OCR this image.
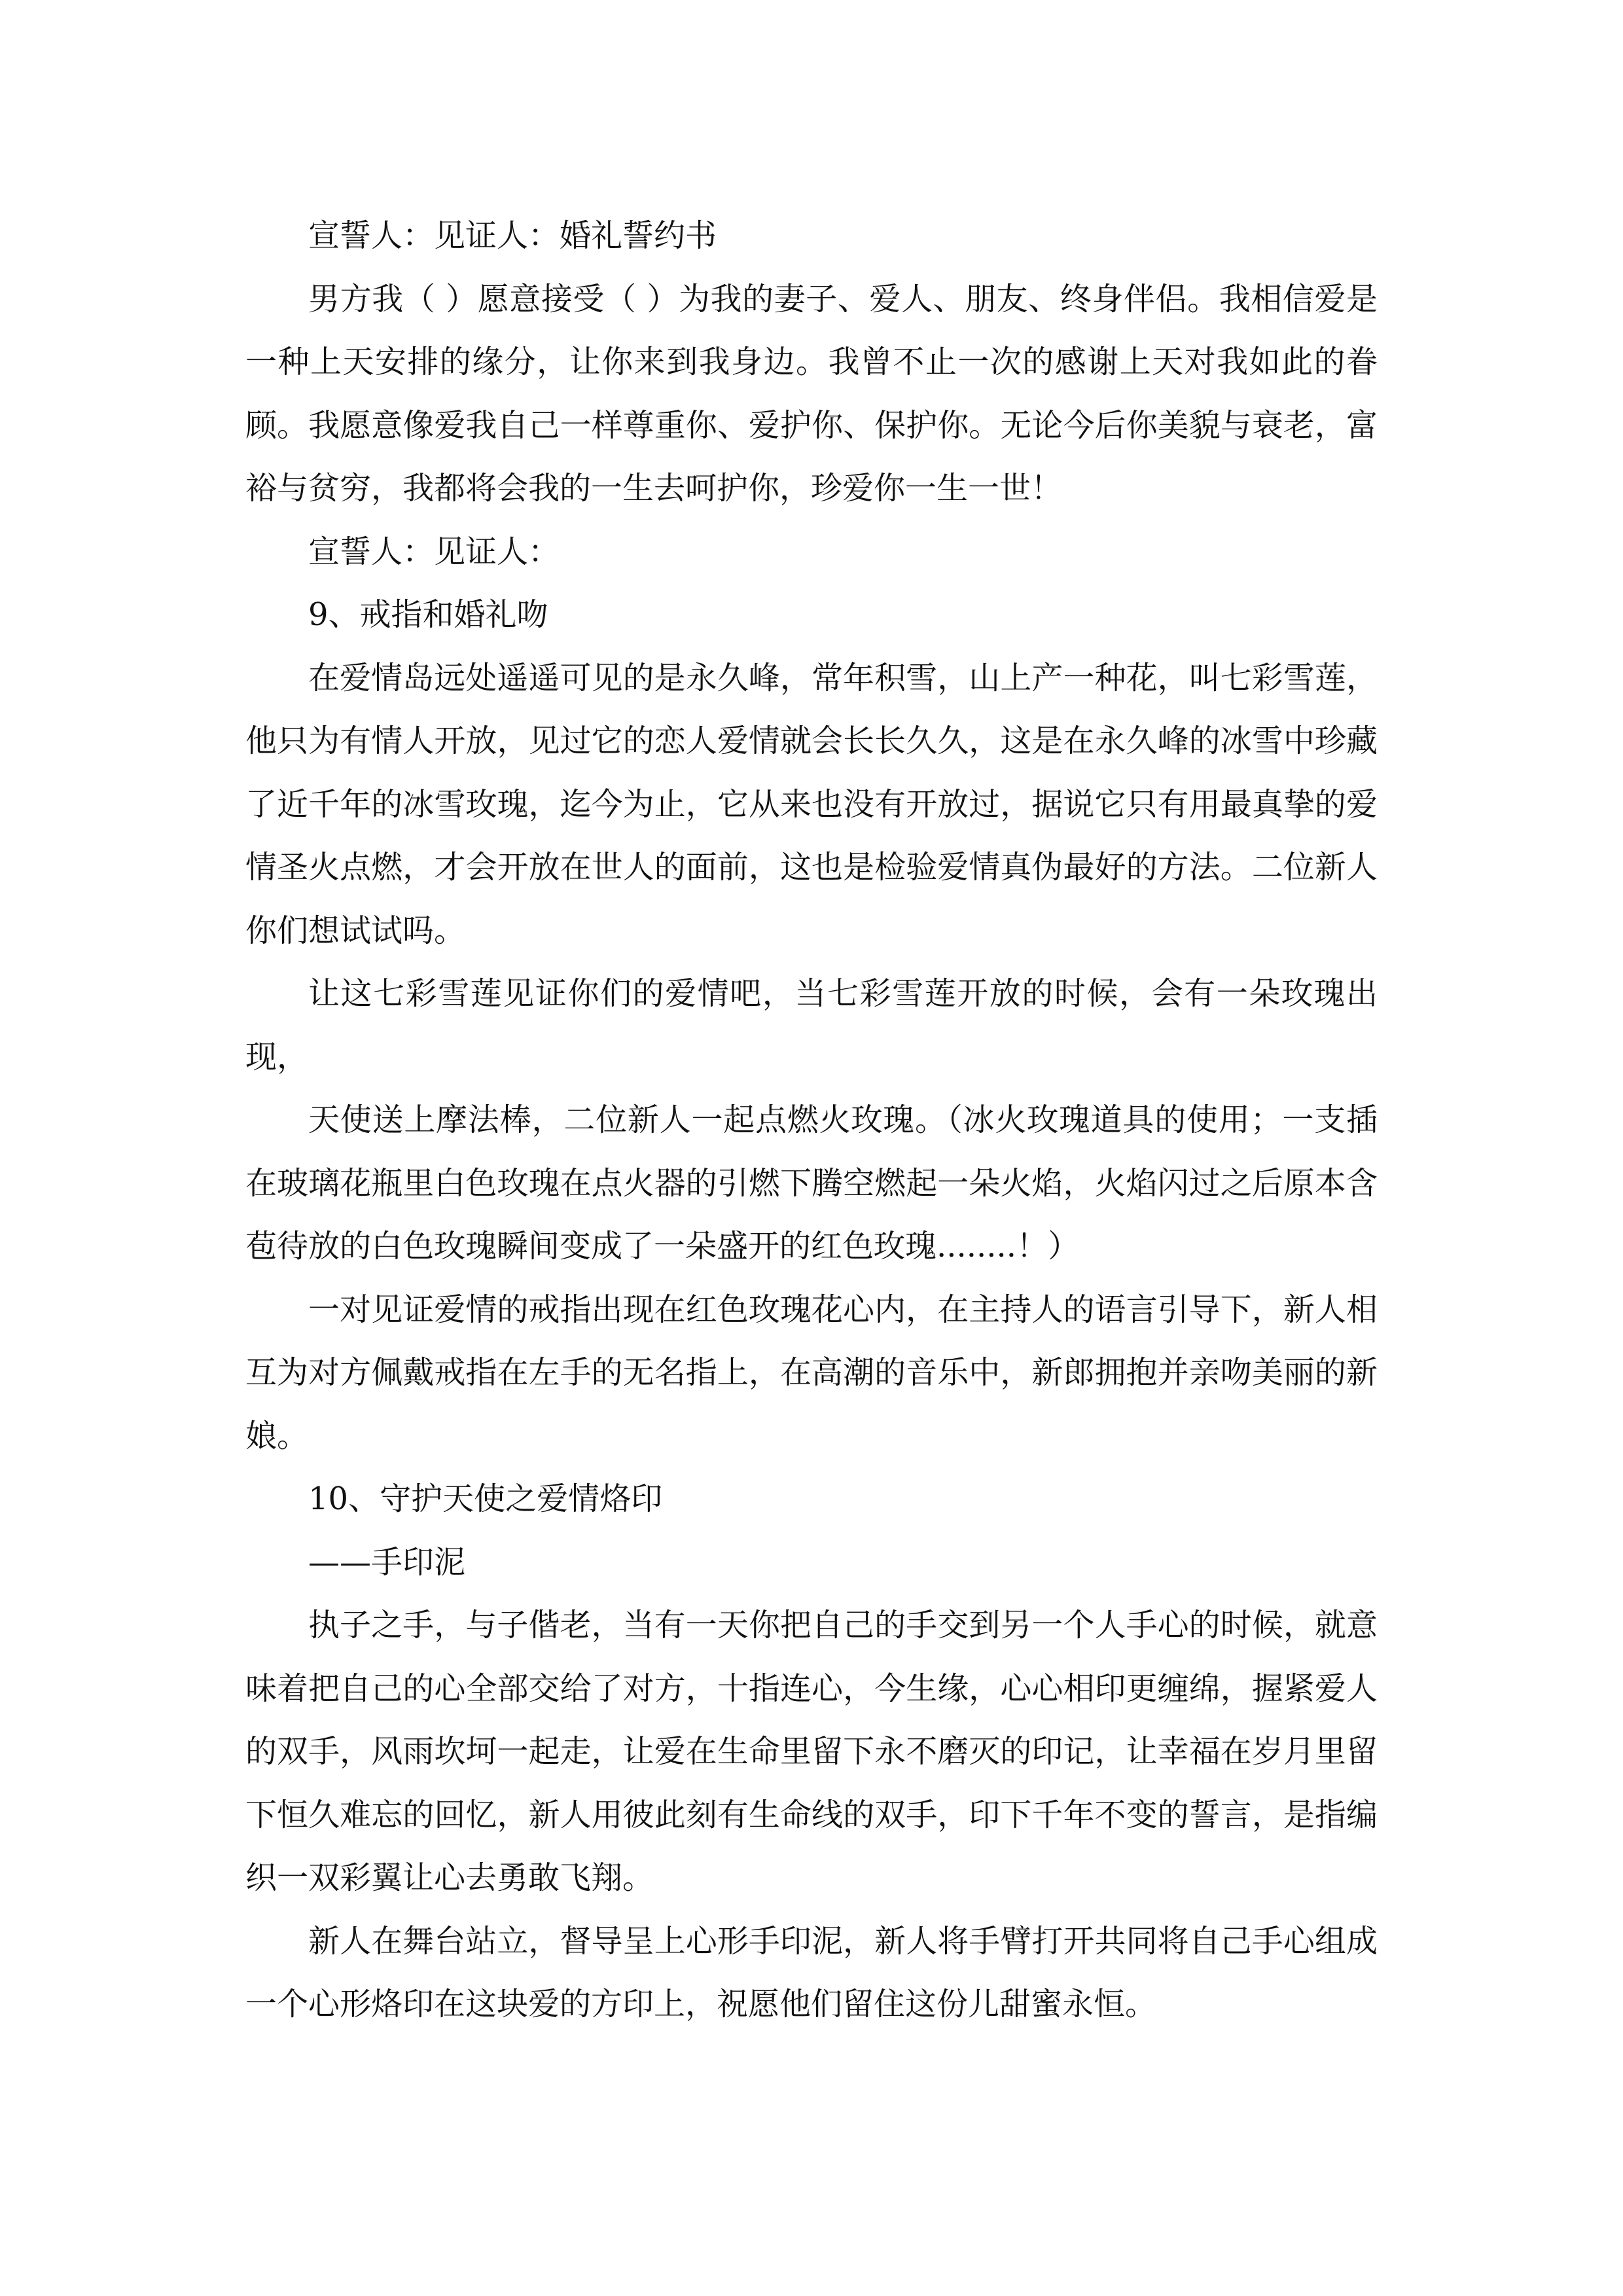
宣誓人：见证人：婚礼誓约书

男方我（ ）愿意接受（ ）为我的妻子、爱人、朋友、终身伴侣。我相信爱是一种上天安排的缘分，让你来到我身边。我曾不止一次的感谢上天对我如此的眷顾。我愿意像爱我自己一样尊重你、爱护你、保护你。无论今后你美貌与衰老，富裕与贫穷，我都将会我的一生去呵护你，珍爱你一生一世！

宣誓人：见证人：

9、戒指和婚礼吻

在爱情岛远处遥遥可见的是永久峰，常年积雪，山上产一种花，叫七彩雪莲，他只为有情人开放，见过它的恋人爱情就会长长久久，这是在永久峰的冰雪中珍藏了近千年的冰雪玫瑰，迄今为止，它从来也没有开放过，据说它只有用最真挚的爱情圣火点燃，才会开放在世人的面前，这也是检验爱情真伪最好的方法。二位新人你们想试试吗。

让这七彩雪莲见证你们的爱情吧，当七彩雪莲开放的时候，会有一朵玫瑰出现，

天使送上摩法棒，二位新人一起点燃火玫瑰。（冰火玫瑰道具的使用；一支插在玻璃花瓶里白色玫瑰在点火器的引燃下腾空燃起一朵火焰，火焰闪过之后原本含苞待放的白色玫瑰瞬间变成了一朵盛开的红色玫瑰........！）

一对见证爱情的戒指出现在红色玫瑰花心内，在主持人的语言引导下，新人相互为对方佩戴戒指在左手的无名指上，在高潮的音乐中，新郎拥抱并亲吻美丽的新娘。

10、守护天使之爱情烙印

——手印泥

执子之手，与子偕老，当有一天你把自己的手交到另一个人手心的时候，就意味着把自己的心全部交给了对方，十指连心，今生缘，心心相印更缠绵，握紧爱人的双手，风雨坎坷一起走，让爱在生命里留下永不磨灭的印记，让幸福在岁月里留下恒久难忘的回忆，新人用彼此刻有生命线的双手，印下千年不变的誓言，是指编织一双彩翼让心去勇敢飞翔。

新人在舞台站立，督导呈上心形手印泥，新人将手臂打开共同将自己手心组成一个心形烙印在这块爱的方印上，祝愿他们留住这份儿甜蜜永恒。
